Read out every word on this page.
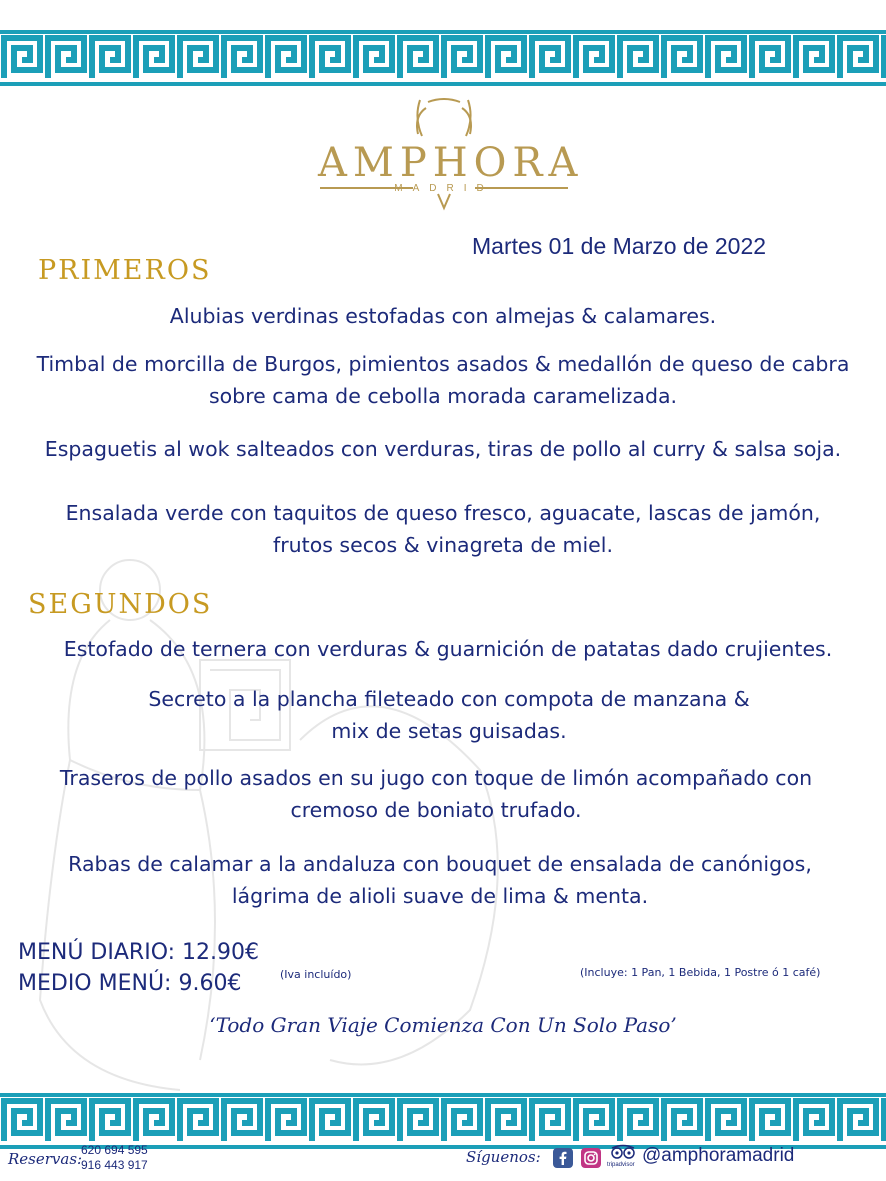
AMPHORA
MADRID
Martes 01 de Marzo de 2022
PRIMEROS
Alubias verdinas estofadas con almejas & calamares.
Timbal de morcilla de Burgos, pimientos asados & medallón de queso de cabra
sobre cama de cebolla morada caramelizada.
Espaguetis al wok salteados con verduras, tiras de pollo al curry & salsa soja.
Ensalada verde con taquitos de queso fresco, aguacate, lascas de jamón,
frutos secos & vinagreta de miel.
SEGUNDOS
Estofado de ternera con verduras & guarnición de patatas dado crujientes.
Secreto a la plancha fileteado con compota de manzana &
mix de setas guisadas.
Traseros de pollo asados en su jugo con toque de limón acompañado con
cremoso de boniato trufado.
Rabas de calamar a la andaluza con bouquet de ensalada de canónigos,
lágrima de alioli suave de lima & menta.
MENÚ DIARIO: 12.90€
MEDIO MENÚ: 9.60€	(Iva incluído)	(Incluye: 1 Pan, 1 Bebida, 1 Postre ó 1 café)
‘Todo Gran Viaje Comienza Con Un Solo Paso’
Reservas:
620 694 595
916 443 917	Síguenos:	tripadvisor @amphoramadrid
